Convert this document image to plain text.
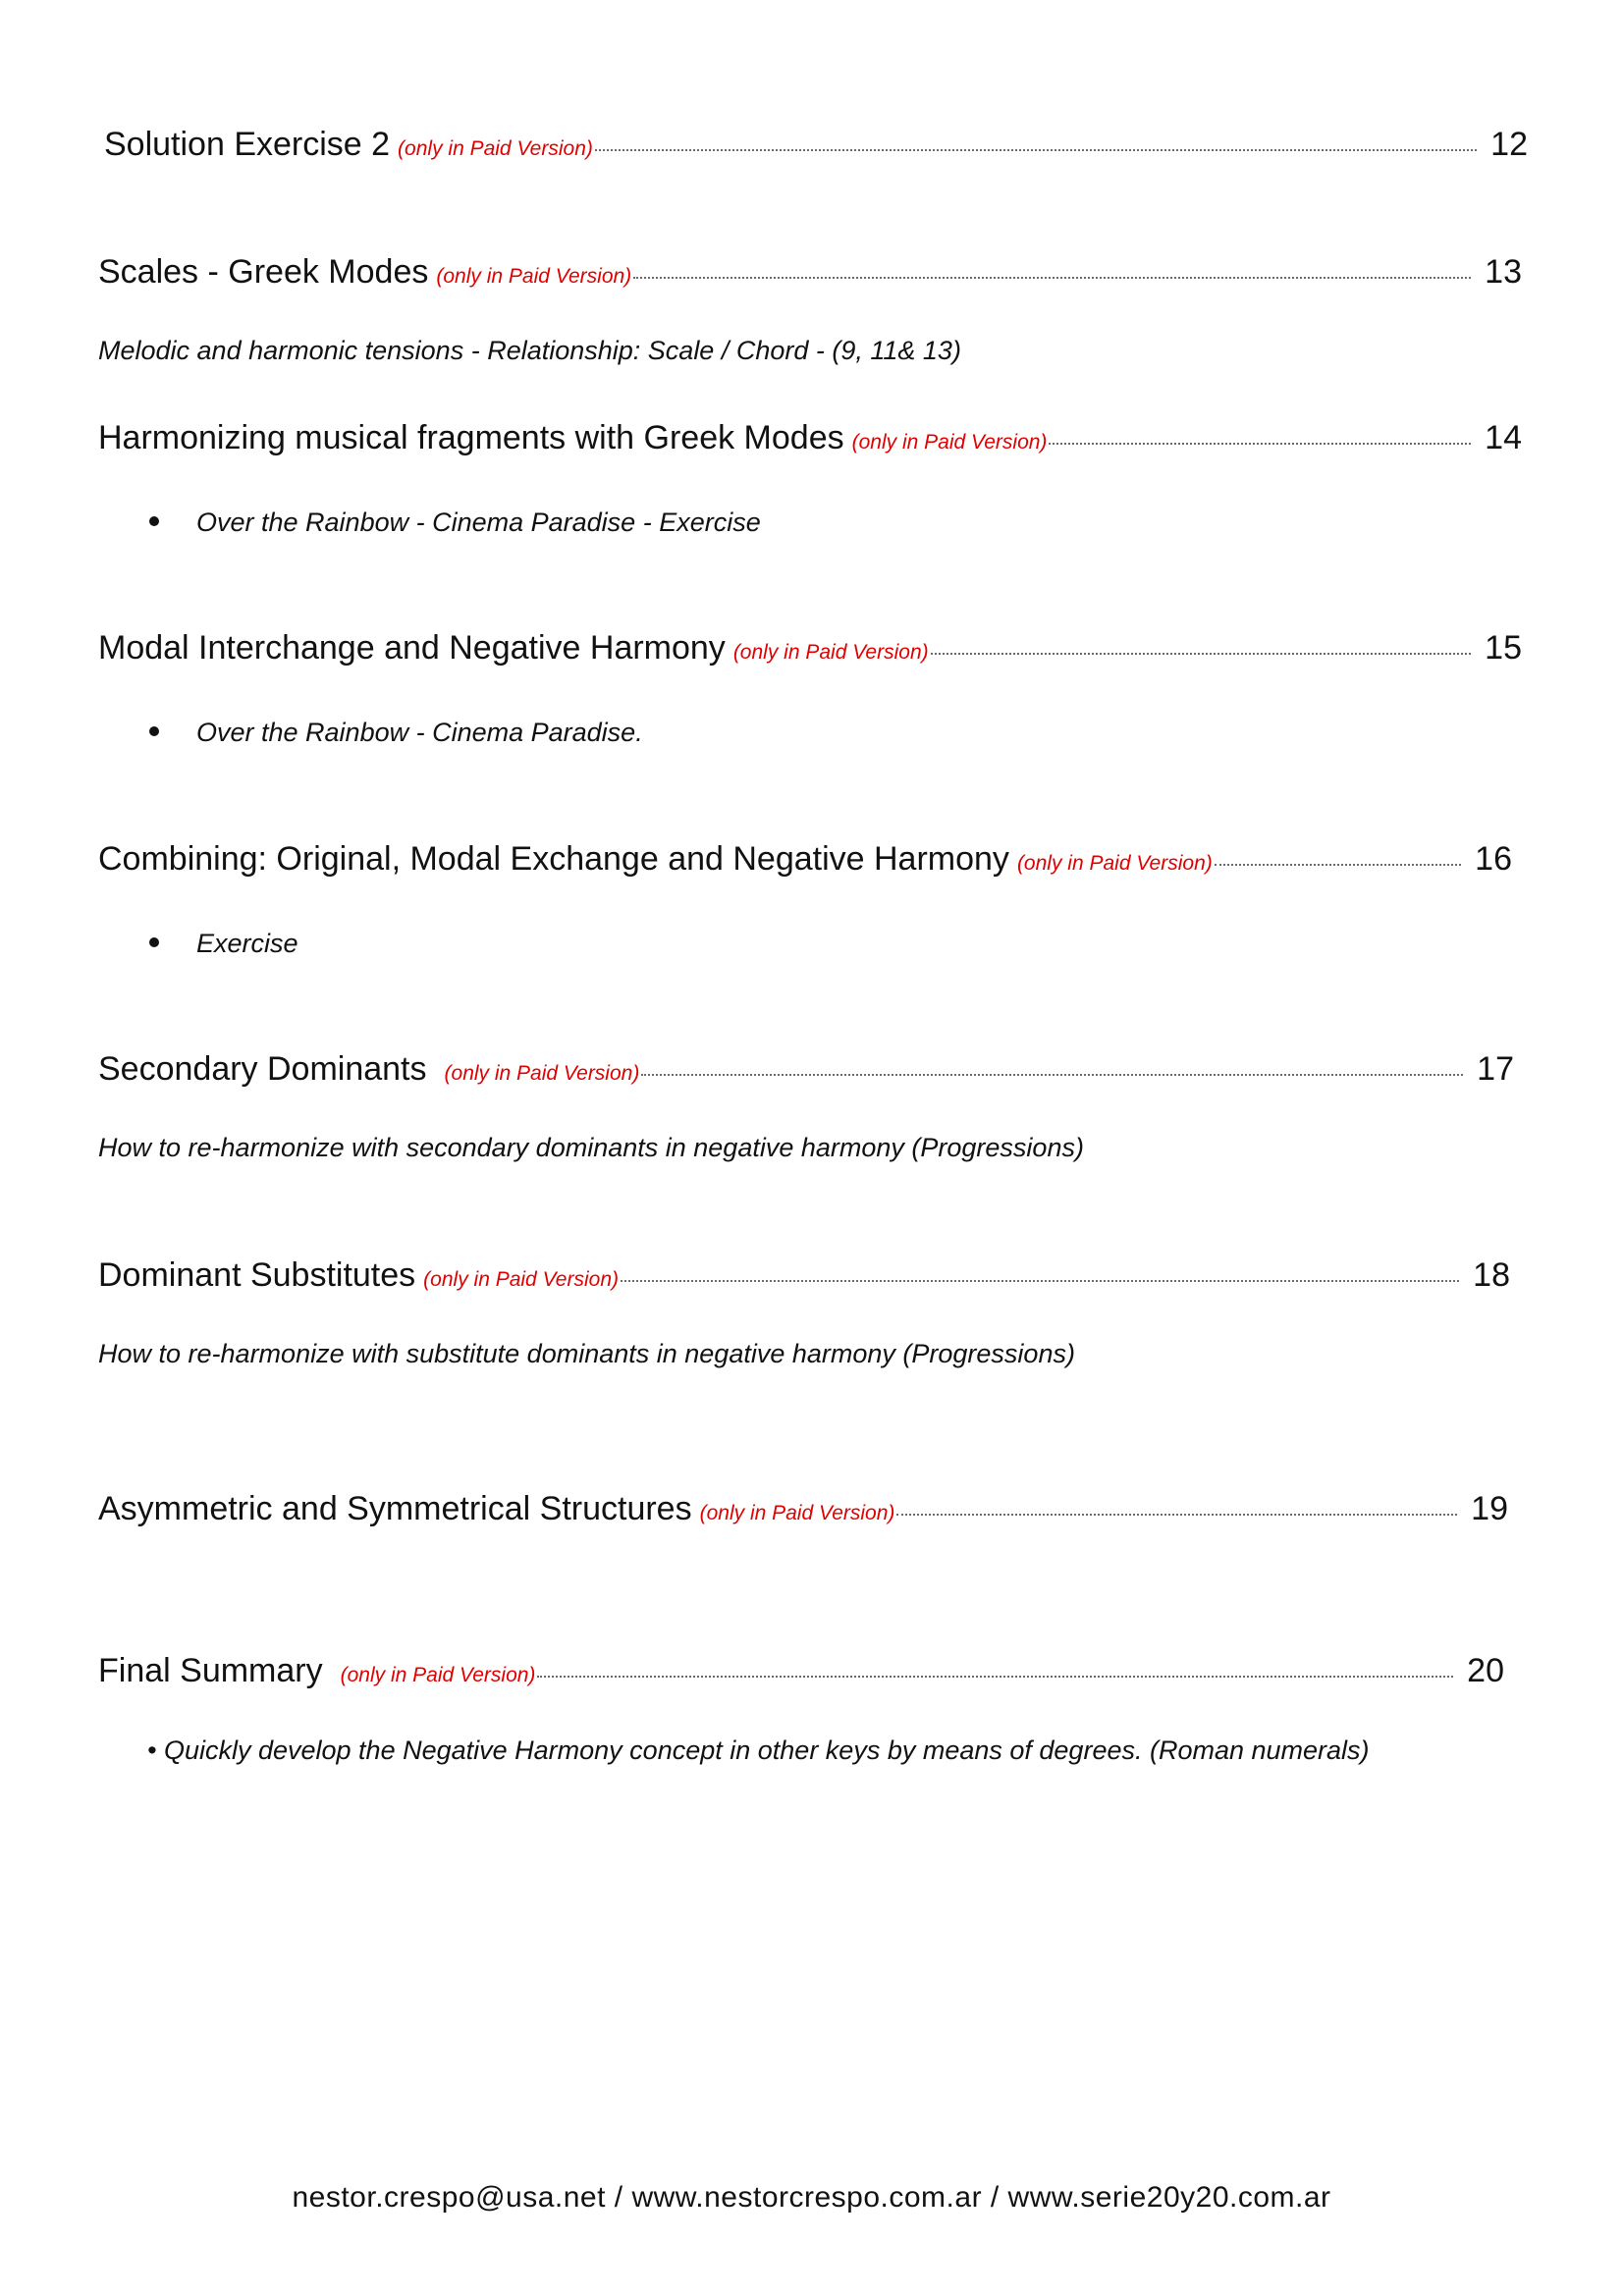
Solution Exercise 2 (only in Paid Version)	12
Scales - Greek Modes (only in Paid Version)	13
Melodic and harmonic tensions - Relationship: Scale / Chord - (9, 11& 13)
Harmonizing musical fragments with Greek Modes (only in Paid Version)	14
Over the Rainbow - Cinema Paradise - Exercise
Modal Interchange and Negative Harmony (only in Paid Version)	15
Over the Rainbow - Cinema Paradise.
Combining: Original, Modal Exchange and Negative Harmony (only in Paid Version)	16
Exercise
Secondary Dominants (only in Paid Version)	17
How to re-harmonize with secondary dominants in negative harmony (Progressions)
Dominant Substitutes (only in Paid Version)	18
How to re-harmonize with substitute dominants in negative harmony (Progressions)
Asymmetric and Symmetrical Structures (only in Paid Version)	19
Final Summary (only in Paid Version)	20
• Quickly develop the Negative Harmony concept in other keys by means of degrees. (Roman numerals)
nestor.crespo@usa.net / www.nestorcrespo.com.ar / www.serie20y20.com.ar
